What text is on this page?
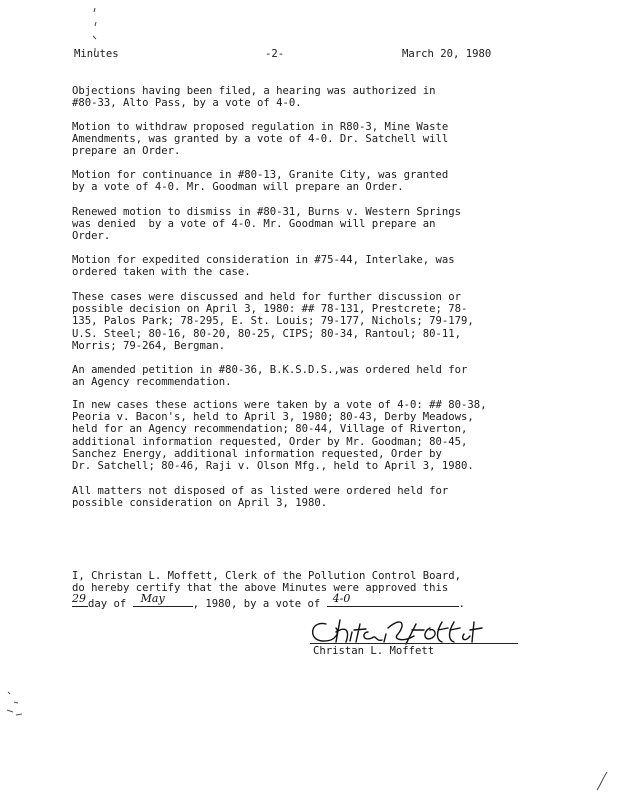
Minutes	-2-	March 20, 1980
Objections having been filed, a hearing was authorized in
#80-33, Alto Pass, by a vote of 4-0.
Motion to withdraw proposed regulation in R80-3, Mine Waste
Amendments, was granted by a vote of 4-0. Dr. Satchell will
prepare an Order.
Motion for continuance in #80-13, Granite City, was granted
by a vote of 4-0. Mr. Goodman will prepare an Order.
Renewed motion to dismiss in #80-31, Burns v. Western Springs
was denied  by a vote of 4-0. Mr. Goodman will prepare an
Order.
Motion for expedited consideration in #75-44, Interlake, was
ordered taken with the case.
These cases were discussed and held for further discussion or
possible decision on April 3, 1980: ## 78-131, Prestcrete; 78-
135, Palos Park; 78-295, E. St. Louis; 79-177, Nichols; 79-179,
U.S. Steel; 80-16, 80-20, 80-25, CIPS; 80-34, Rantoul; 80-11,
Morris; 79-264, Bergman.
An amended petition in #80-36, B.K.S.D.S.,was ordered held for
an Agency recommendation.
In new cases these actions were taken by a vote of 4-0: ## 80-38,
Peoria v. Bacon's, held to April 3, 1980; 80-43, Derby Meadows,
held for an Agency recommendation; 80-44, Village of Riverton,
additional information requested, Order by Mr. Goodman; 80-45,
Sanchez Energy, additional information requested, Order by
Dr. Satchell; 80-46, Raji v. Olson Mfg., held to April 3, 1980.
All matters not disposed of as listed were ordered held for
possible consideration on April 3, 1980.
I, Christan L. Moffett, Clerk of the Pollution Control Board,
do hereby certify that the above Minutes were approved this
29 day of May	, 1980, by a vote of 4-0	.
Christan L. Moffett
